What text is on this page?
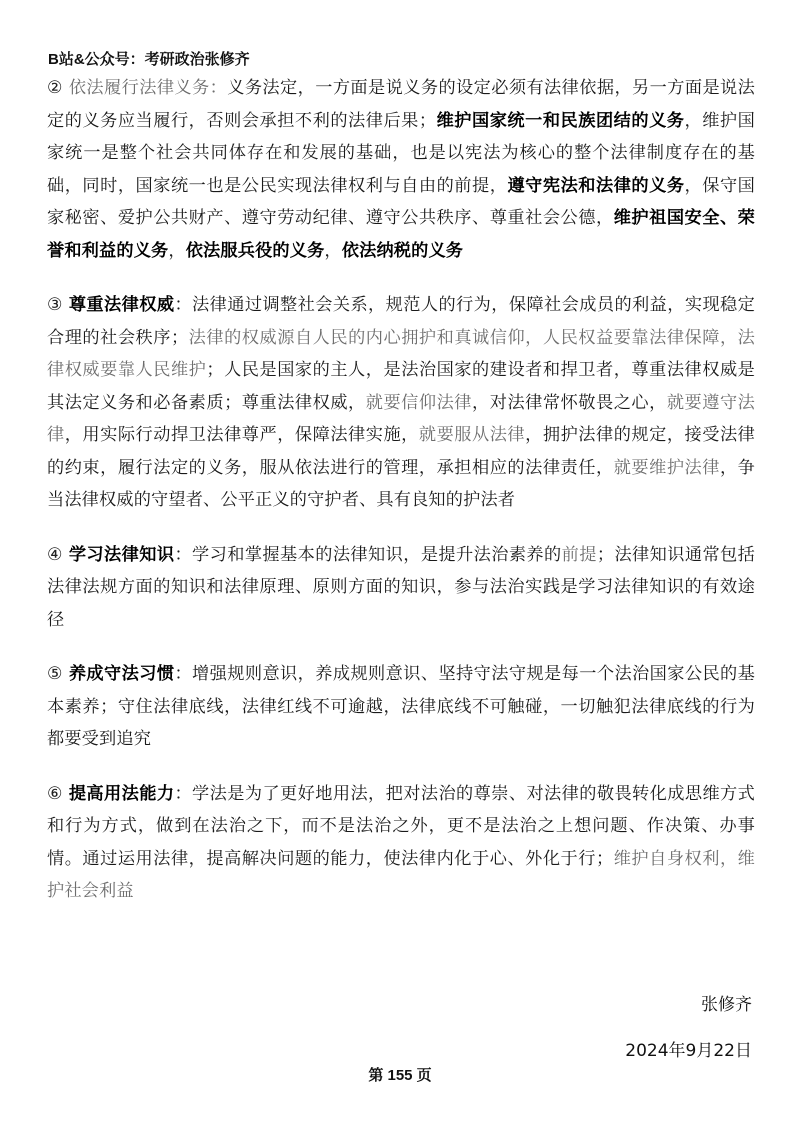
B站&公众号：考研政治张修齐

② 依法履行法律义务：义务法定，一方面是说义务的设定必须有法律依据，另一方面是说法定的义务应当履行，否则会承担不利的法律后果；维护国家统一和民族团结的义务，维护国家统一是整个社会共同体存在和发展的基础，也是以宪法为核心的整个法律制度存在的基础，同时，国家统一也是公民实现法律权利与自由的前提，遵守宪法和法律的义务，保守国家秘密、爱护公共财产、遵守劳动纪律、遵守公共秩序、尊重社会公德，维护祖国安全、荣誉和利益的义务，依法服兵役的义务，依法纳税的义务

③ 尊重法律权威：法律通过调整社会关系，规范人的行为，保障社会成员的利益，实现稳定合理的社会秩序；法律的权威源自人民的内心拥护和真诚信仰，人民权益要靠法律保障，法律权威要靠人民维护；人民是国家的主人，是法治国家的建设者和捍卫者，尊重法律权威是其法定义务和必备素质；尊重法律权威，就要信仰法律，对法律常怀敬畏之心，就要遵守法律，用实际行动捍卫法律尊严，保障法律实施，就要服从法律，拥护法律的规定，接受法律的约束，履行法定的义务，服从依法进行的管理，承担相应的法律责任，就要维护法律，争当法律权威的守望者、公平正义的守护者、具有良知的护法者

④ 学习法律知识：学习和掌握基本的法律知识，是提升法治素养的前提；法律知识通常包括法律法规方面的知识和法律原理、原则方面的知识，参与法治实践是学习法律知识的有效途径

⑤ 养成守法习惯：增强规则意识，养成规则意识、坚持守法守规是每一个法治国家公民的基本素养；守住法律底线，法律红线不可逾越，法律底线不可触碰，一切触犯法律底线的行为都要受到追究

⑥ 提高用法能力：学法是为了更好地用法，把对法治的尊崇、对法律的敬畏转化成思维方式和行为方式，做到在法治之下，而不是法治之外，更不是法治之上想问题、作决策、办事情。通过运用法律，提高解决问题的能力，使法律内化于心、外化于行；维护自身权利，维护社会利益

张修齐
2024年9月22日
第 155 页
